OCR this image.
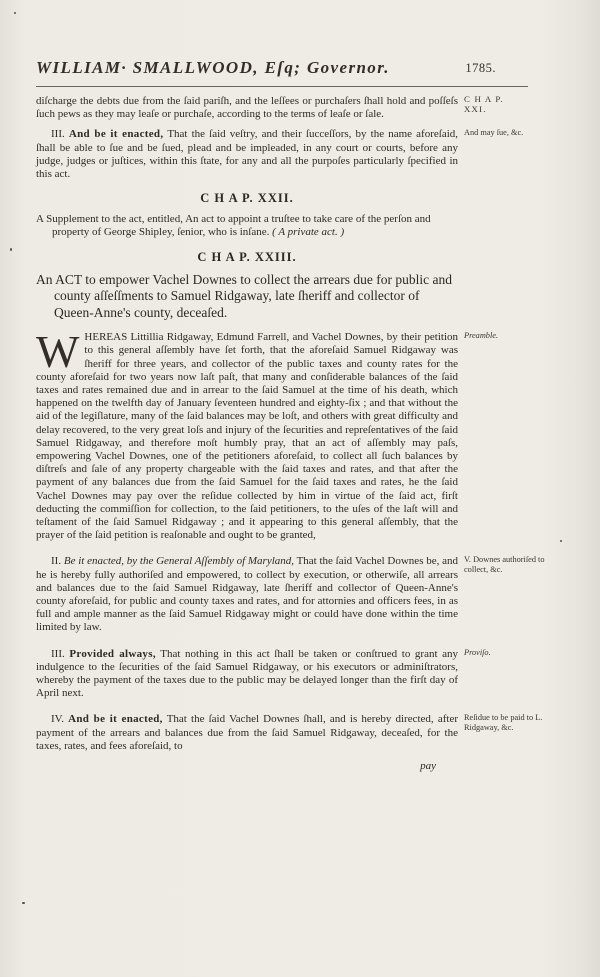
WILLIAM· SMALLWOOD, Eſq; Governor.	1785.
C H A P. XXI.

diſcharge the debts due from the ſaid pariſh, and the leſſees or purchaſers ſhall hold and poſſeſs ſuch pews as they may leaſe or purchaſe, according to the terms of leaſe or ſale.

And may ſue, &c.

III. And be it enacted, That the ſaid veſtry, and their ſucceſſors, by the name aforeſaid, ſhall be able to ſue and be ſued, plead and be impleaded, in any court or courts, before any judge, judges or juſtices, within this ſtate, for any and all the purpoſes particularly ſpecified in this act.

C H A P. XXII.

A Supplement to the act, entitled, An act to appoint a truſtee to take care of the perſon and property of George Shipley, ſenior, who is inſane. ( A private act. )

C H A P. XXIII.

An ACT to empower Vachel Downes to collect the arrears due for public and county aſſeſſments to Samuel Ridgaway, late ſheriff and collector of Queen-Anne's county, deceaſed.

Preamble.

WHEREAS Littillia Ridgaway, Edmund Farrell, and Vachel Downes, by their petition to this general aſſembly have ſet forth, that the aforeſaid Samuel Ridgaway was ſheriff for three years, and collector of the public taxes and county rates for the county aforeſaid for two years now laſt paſt, that many and conſiderable balances of the ſaid taxes and rates remained due and in arrear to the ſaid Samuel at the time of his death, which happened on the twelfth day of January ſeventeen hundred and eighty-ſix ; and that without the aid of the legiſlature, many of the ſaid balances may be loſt, and others with great difficulty and delay recovered, to the very great loſs and injury of the ſecurities and repreſentatives of the ſaid Samuel Ridgaway, and therefore moſt humbly pray, that an act of aſſembly may paſs, empowering Vachel Downes, one of the petitioners aforeſaid, to collect all ſuch balances by diſtreſs and ſale of any property chargeable with the ſaid taxes and rates, and that after the payment of any balances due from the ſaid Samuel for the ſaid taxes and rates, he the ſaid Vachel Downes may pay over the reſidue collected by him in virtue of the ſaid act, firſt deducting the commiſſion for collection, to the ſaid petitioners, to the uſes of the laſt will and teſtament of the ſaid Samuel Ridgaway ; and it appearing to this general aſſembly, that the prayer of the ſaid petition is reaſonable and ought to be granted,

V. Downes authoriſed to collect, &c.

II. Be it enacted, by the General Aſſembly of Maryland, That the ſaid Vachel Downes be, and he is hereby fully authoriſed and empowered, to collect by execution, or otherwiſe, all arrears and balances due to the ſaid Samuel Ridgaway, late ſheriff and collector of Queen-Anne's county aforeſaid, for public and county taxes and rates, and for attornies and officers fees, in as full and ample manner as the ſaid Samuel Ridgaway might or could have done within the time limited by law.

Proviſo.

III. Provided always, That nothing in this act ſhall be taken or conſtrued to grant any indulgence to the ſecurities of the ſaid Samuel Ridgaway, or his executors or adminiſtrators, whereby the payment of the taxes due to the public may be delayed longer than the firſt day of April next.

Reſidue to be paid to L. Ridgaway, &c.

IV. And be it enacted, That the ſaid Vachel Downes ſhall, and is hereby directed, after payment of the arrears and balances due from the ſaid Samuel Ridgaway, deceaſed, for the taxes, rates, and fees aforeſaid, to

pay
